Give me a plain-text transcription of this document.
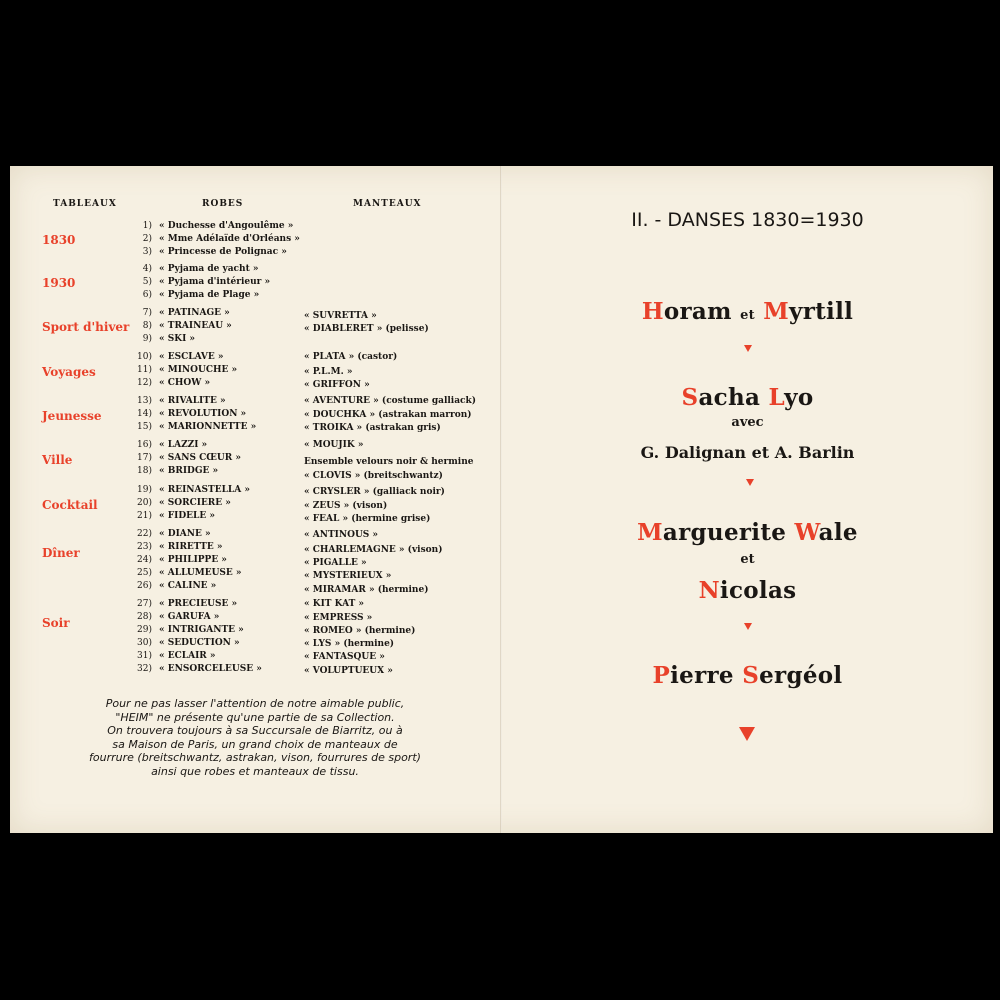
TABLEAUX	ROBES	MANTEAUX
1830
1930
Sport d'hiver
Voyages
Jeunesse
Ville
Cocktail
Dîner
Soir
1) « Duchesse d'Angoulême »
2) « Mme Adélaïde d'Orléans »
3) « Princesse de Polignac »
4) « Pyjama de yacht »
5) « Pyjama d'intérieur »
6) « Pyjama de Plage »
7) « PATINAGE »
8) « TRAINEAU »
9) « SKI »
10) « ESCLAVE »
11) « MINOUCHE »
12) « CHOW »
13) « RIVALITE »
14) « REVOLUTION »
15) « MARIONNETTE »
16) « LAZZI »
17) « SANS CŒUR »
18) « BRIDGE »
19) « REINASTELLA »
20) « SORCIERE »
21) « FIDELE »
22) « DIANE »
23) « RIRETTE »
24) « PHILIPPE »
25) « ALLUMEUSE »
26) « CALINE »
27) « PRECIEUSE »
28) « GARUFA »
29) « INTRIGANTE »
30) « SEDUCTION »
31) « ECLAIR »
32) « ENSORCELEUSE »
« SUVRETTA »
« DIABLERET » (pelisse)
« PLATA » (castor)
« P.L.M. »
« GRIFFON »
« AVENTURE » (costume galliack)
« DOUCHKA » (astrakan marron)
« TROIKA » (astrakan gris)
« MOUJIK »
Ensemble velours noir & hermine
« CLOVIS » (breitschwantz)
« CRYSLER » (galliack noir)
« ZEUS » (vison)
« FEAL » (hermine grise)
« ANTINOUS »
« CHARLEMAGNE » (vison)
« PIGALLE »
« MYSTERIEUX »
« MIRAMAR » (hermine)
« KIT KAT »
« EMPRESS »
« ROMEO » (hermine)
« LYS » (hermine)
« FANTASQUE »
« VOLUPTUEUX »
Pour ne pas lasser l'attention de notre aimable public,
"HEIM" ne présente qu'une partie de sa Collection.
On trouvera toujours à sa Succursale de Biarritz, ou à
sa Maison de Paris, un grand choix de manteaux de
fourrure (breitschwantz, astrakan, vison, fourrures de sport)
ainsi que robes et manteaux de tissu.
II. - DANSES 1830=1930
Horam et Myrtill
Sacha Lyo
avec
G. Dalignan et A. Barlin
Marguerite Wale
et
Nicolas
Pierre Sergéol
